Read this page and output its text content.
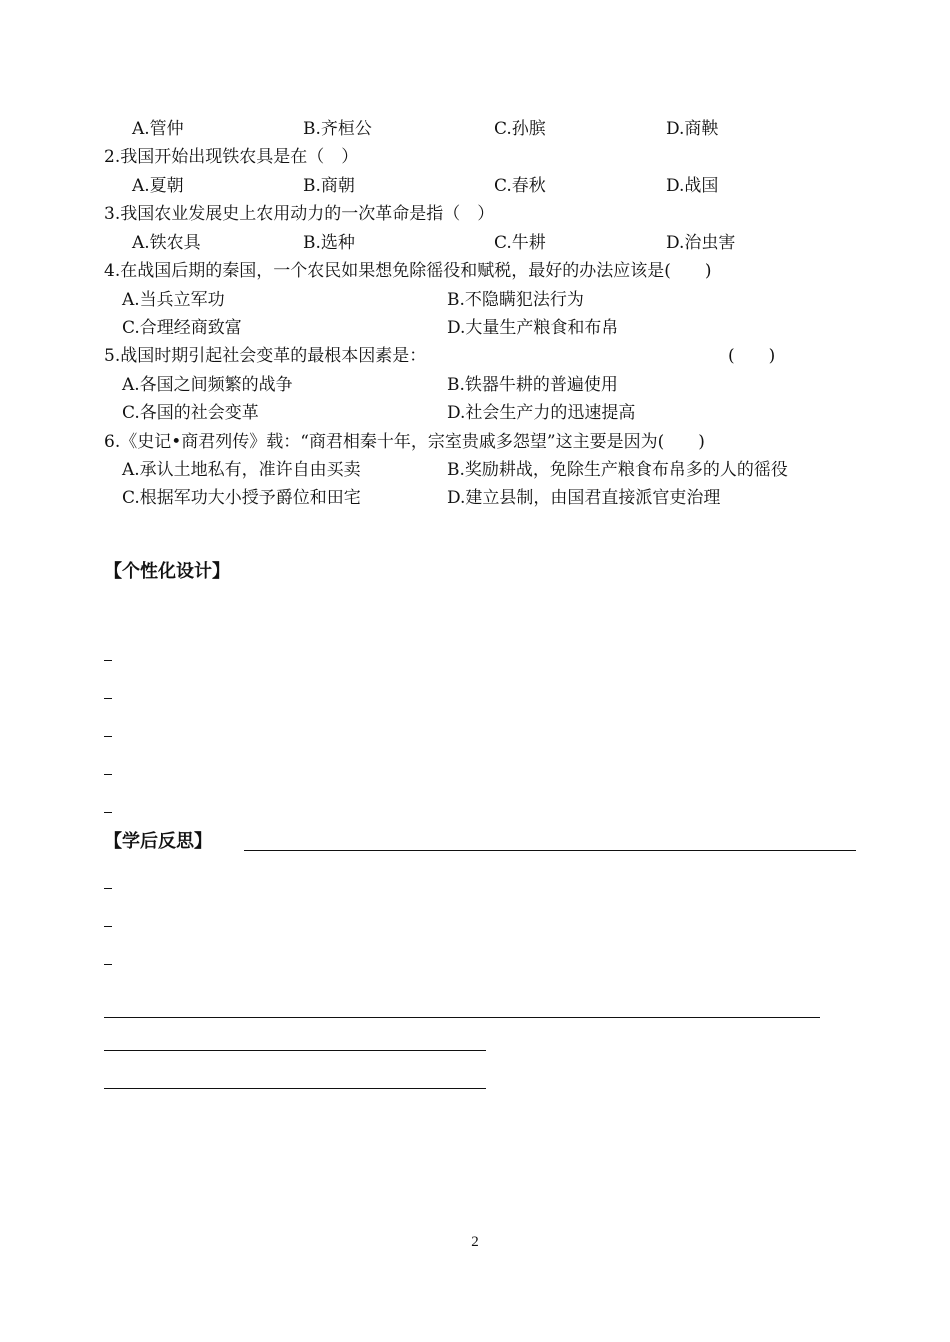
A.管仲	B.齐桓公	C.孙膑	D.商鞅
2.我国开始出现铁农具是在（　）
A.夏朝	B.商朝	C.春秋	D.战国
3.我国农业发展史上农用动力的一次革命是指（　）
A.铁农具	B.选种	C.牛耕	D.治虫害
4.在战国后期的秦国，一个农民如果想免除徭役和赋税，最好的办法应该是(　　)
A.当兵立军功	B.不隐瞒犯法行为
C.合理经商致富	D.大量生产粮食和布帛
5.战国时期引起社会变革的最根本因素是：	(　　)
A.各国之间频繁的战争	B.铁器牛耕的普遍使用
C.各国的社会变革	D.社会生产力的迅速提高
6.《史记•商君列传》载：“商君相秦十年，宗室贵戚多怨望”这主要是因为(　　)
A.承认土地私有，准许自由买卖	B.奖励耕战，免除生产粮食布帛多的人的徭役
C.根据军功大小授予爵位和田宅	D.建立县制，由国君直接派官吏治理
【个性化设计】
【学后反思】
2
